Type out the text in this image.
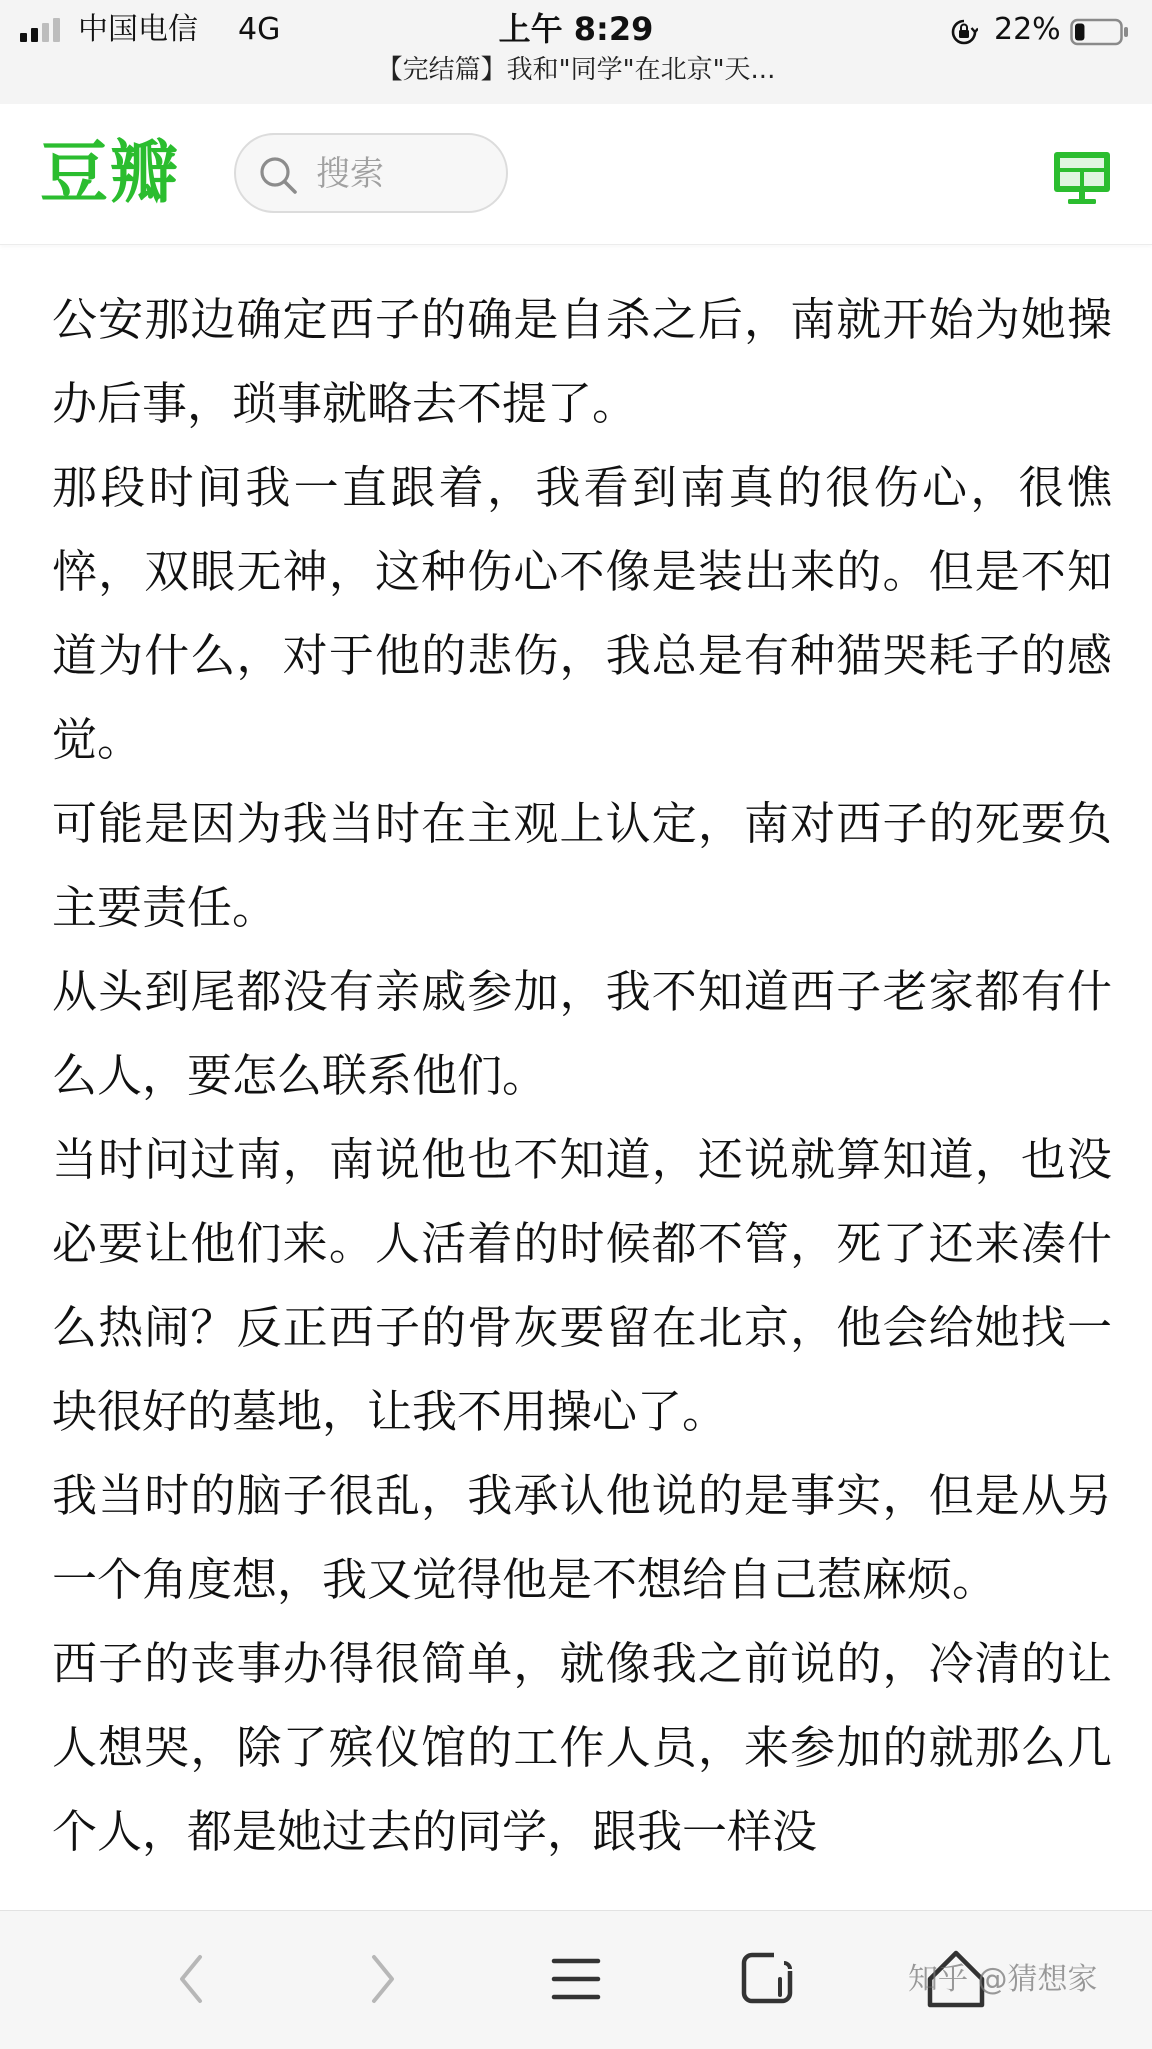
中国电信 4G	上午 8:29	22%
【完结篇】我和"同学"在北京"天...
豆瓣
搜索

公安那边确定西子的确是自杀之后，南就开始为她操办后事，琐事就略去不提了。

那段时间我一直跟着，我看到南真的很伤心，很憔悴，双眼无神，这种伤心不像是装出来的。但是不知道为什么，对于他的悲伤，我总是有种猫哭耗子的感觉。

可能是因为我当时在主观上认定，南对西子的死要负主要责任。

从头到尾都没有亲戚参加，我不知道西子老家都有什么人，要怎么联系他们。

当时问过南，南说他也不知道，还说就算知道，也没必要让他们来。人活着的时候都不管，死了还来凑什么热闹？反正西子的骨灰要留在北京，他会给她找一块很好的墓地，让我不用操心了。

我当时的脑子很乱，我承认他说的是事实，但是从另一个角度想，我又觉得他是不想给自己惹麻烦。

西子的丧事办得很简单，就像我之前说的，冷清的让人想哭，除了殡仪馆的工作人员，来参加的就那么几个人，都是她过去的同学，跟我一样没

知乎 @猜想家
